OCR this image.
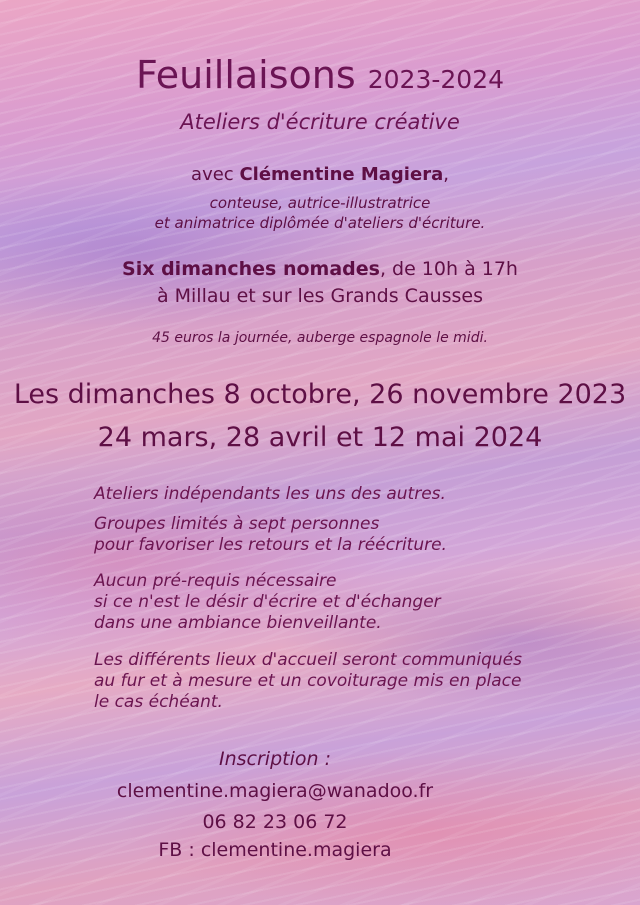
Feuillaisons 2023-2024
Ateliers d'écriture créative
avec Clémentine Magiera,
conteuse, autrice-illustratrice
et animatrice diplômée d'ateliers d'écriture.
Six dimanches nomades, de 10h à 17h
à Millau et sur les Grands Causses
45 euros la journée, auberge espagnole le midi.
Les dimanches 8 octobre, 26 novembre 2023
24 mars, 28 avril et 12 mai 2024
Ateliers indépendants les uns des autres.
Groupes limités à sept personnes
pour favoriser les retours et la réécriture.
Aucun pré-requis nécessaire
si ce n'est le désir d'écrire et d'échanger
dans une ambiance bienveillante.
Les différents lieux d'accueil seront communiqués
au fur et à mesure et un covoiturage mis en place
le cas échéant.
Inscription :
clementine.magiera@wanadoo.fr
06 82 23 06 72
FB : clementine.magiera
